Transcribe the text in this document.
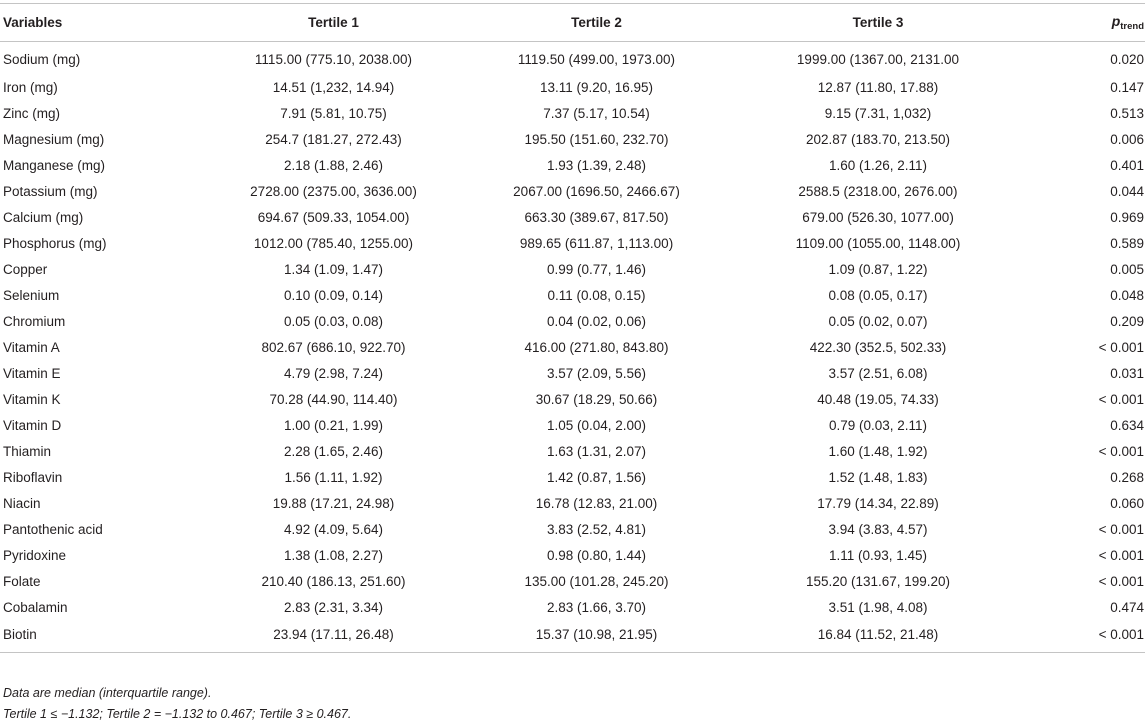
Variables	Tertile 1	Tertile 2	Tertile 3	$p_{trend}$
Sodium (mg)	1115.00 (775.10, 2038.00)	1119.50 (499.00, 1973.00)	1999.00 (1367.00, 2131.00	0.020
Iron (mg)	14.51 (1,232, 14.94)	13.11 (9.20, 16.95)	12.87 (11.80, 17.88)	0.147
Zinc (mg)	7.91 (5.81, 10.75)	7.37 (5.17, 10.54)	9.15 (7.31, 1,032)	0.513
Magnesium (mg)	254.7 (181.27, 272.43)	195.50 (151.60, 232.70)	202.87 (183.70, 213.50)	0.006
Manganese (mg)	2.18 (1.88, 2.46)	1.93 (1.39, 2.48)	1.60 (1.26, 2.11)	0.401
Potassium (mg)	2728.00 (2375.00, 3636.00)	2067.00 (1696.50, 2466.67)	2588.5 (2318.00, 2676.00)	0.044
Calcium (mg)	694.67 (509.33, 1054.00)	663.30 (389.67, 817.50)	679.00 (526.30, 1077.00)	0.969
Phosphorus (mg)	1012.00 (785.40, 1255.00)	989.65 (611.87, 1,113.00)	1109.00 (1055.00, 1148.00)	0.589
Copper	1.34 (1.09, 1.47)	0.99 (0.77, 1.46)	1.09 (0.87, 1.22)	0.005
Selenium	0.10 (0.09, 0.14)	0.11 (0.08, 0.15)	0.08 (0.05, 0.17)	0.048
Chromium	0.05 (0.03, 0.08)	0.04 (0.02, 0.06)	0.05 (0.02, 0.07)	0.209
Vitamin A	802.67 (686.10, 922.70)	416.00 (271.80, 843.80)	422.30 (352.5, 502.33)	< 0.001
Vitamin E	4.79 (2.98, 7.24)	3.57 (2.09, 5.56)	3.57 (2.51, 6.08)	0.031
Vitamin K	70.28 (44.90, 114.40)	30.67 (18.29, 50.66)	40.48 (19.05, 74.33)	< 0.001
Vitamin D	1.00 (0.21, 1.99)	1.05 (0.04, 2.00)	0.79 (0.03, 2.11)	0.634
Thiamin	2.28 (1.65, 2.46)	1.63 (1.31, 2.07)	1.60 (1.48, 1.92)	< 0.001
Riboflavin	1.56 (1.11, 1.92)	1.42 (0.87, 1.56)	1.52 (1.48, 1.83)	0.268
Niacin	19.88 (17.21, 24.98)	16.78 (12.83, 21.00)	17.79 (14.34, 22.89)	0.060
Pantothenic acid	4.92 (4.09, 5.64)	3.83 (2.52, 4.81)	3.94 (3.83, 4.57)	< 0.001
Pyridoxine	1.38 (1.08, 2.27)	0.98 (0.80, 1.44)	1.11 (0.93, 1.45)	< 0.001
Folate	210.40 (186.13, 251.60)	135.00 (101.28, 245.20)	155.20 (131.67, 199.20)	< 0.001
Cobalamin	2.83 (2.31, 3.34)	2.83 (1.66, 3.70)	3.51 (1.98, 4.08)	0.474
Biotin	23.94 (17.11, 26.48)	15.37 (10.98, 21.95)	16.84 (11.52, 21.48)	< 0.001
Data are median (interquartile range).
Tertile 1 ≤ −1.132; Tertile 2 = −1.132 to 0.467; Tertile 3 ≥ 0.467.
